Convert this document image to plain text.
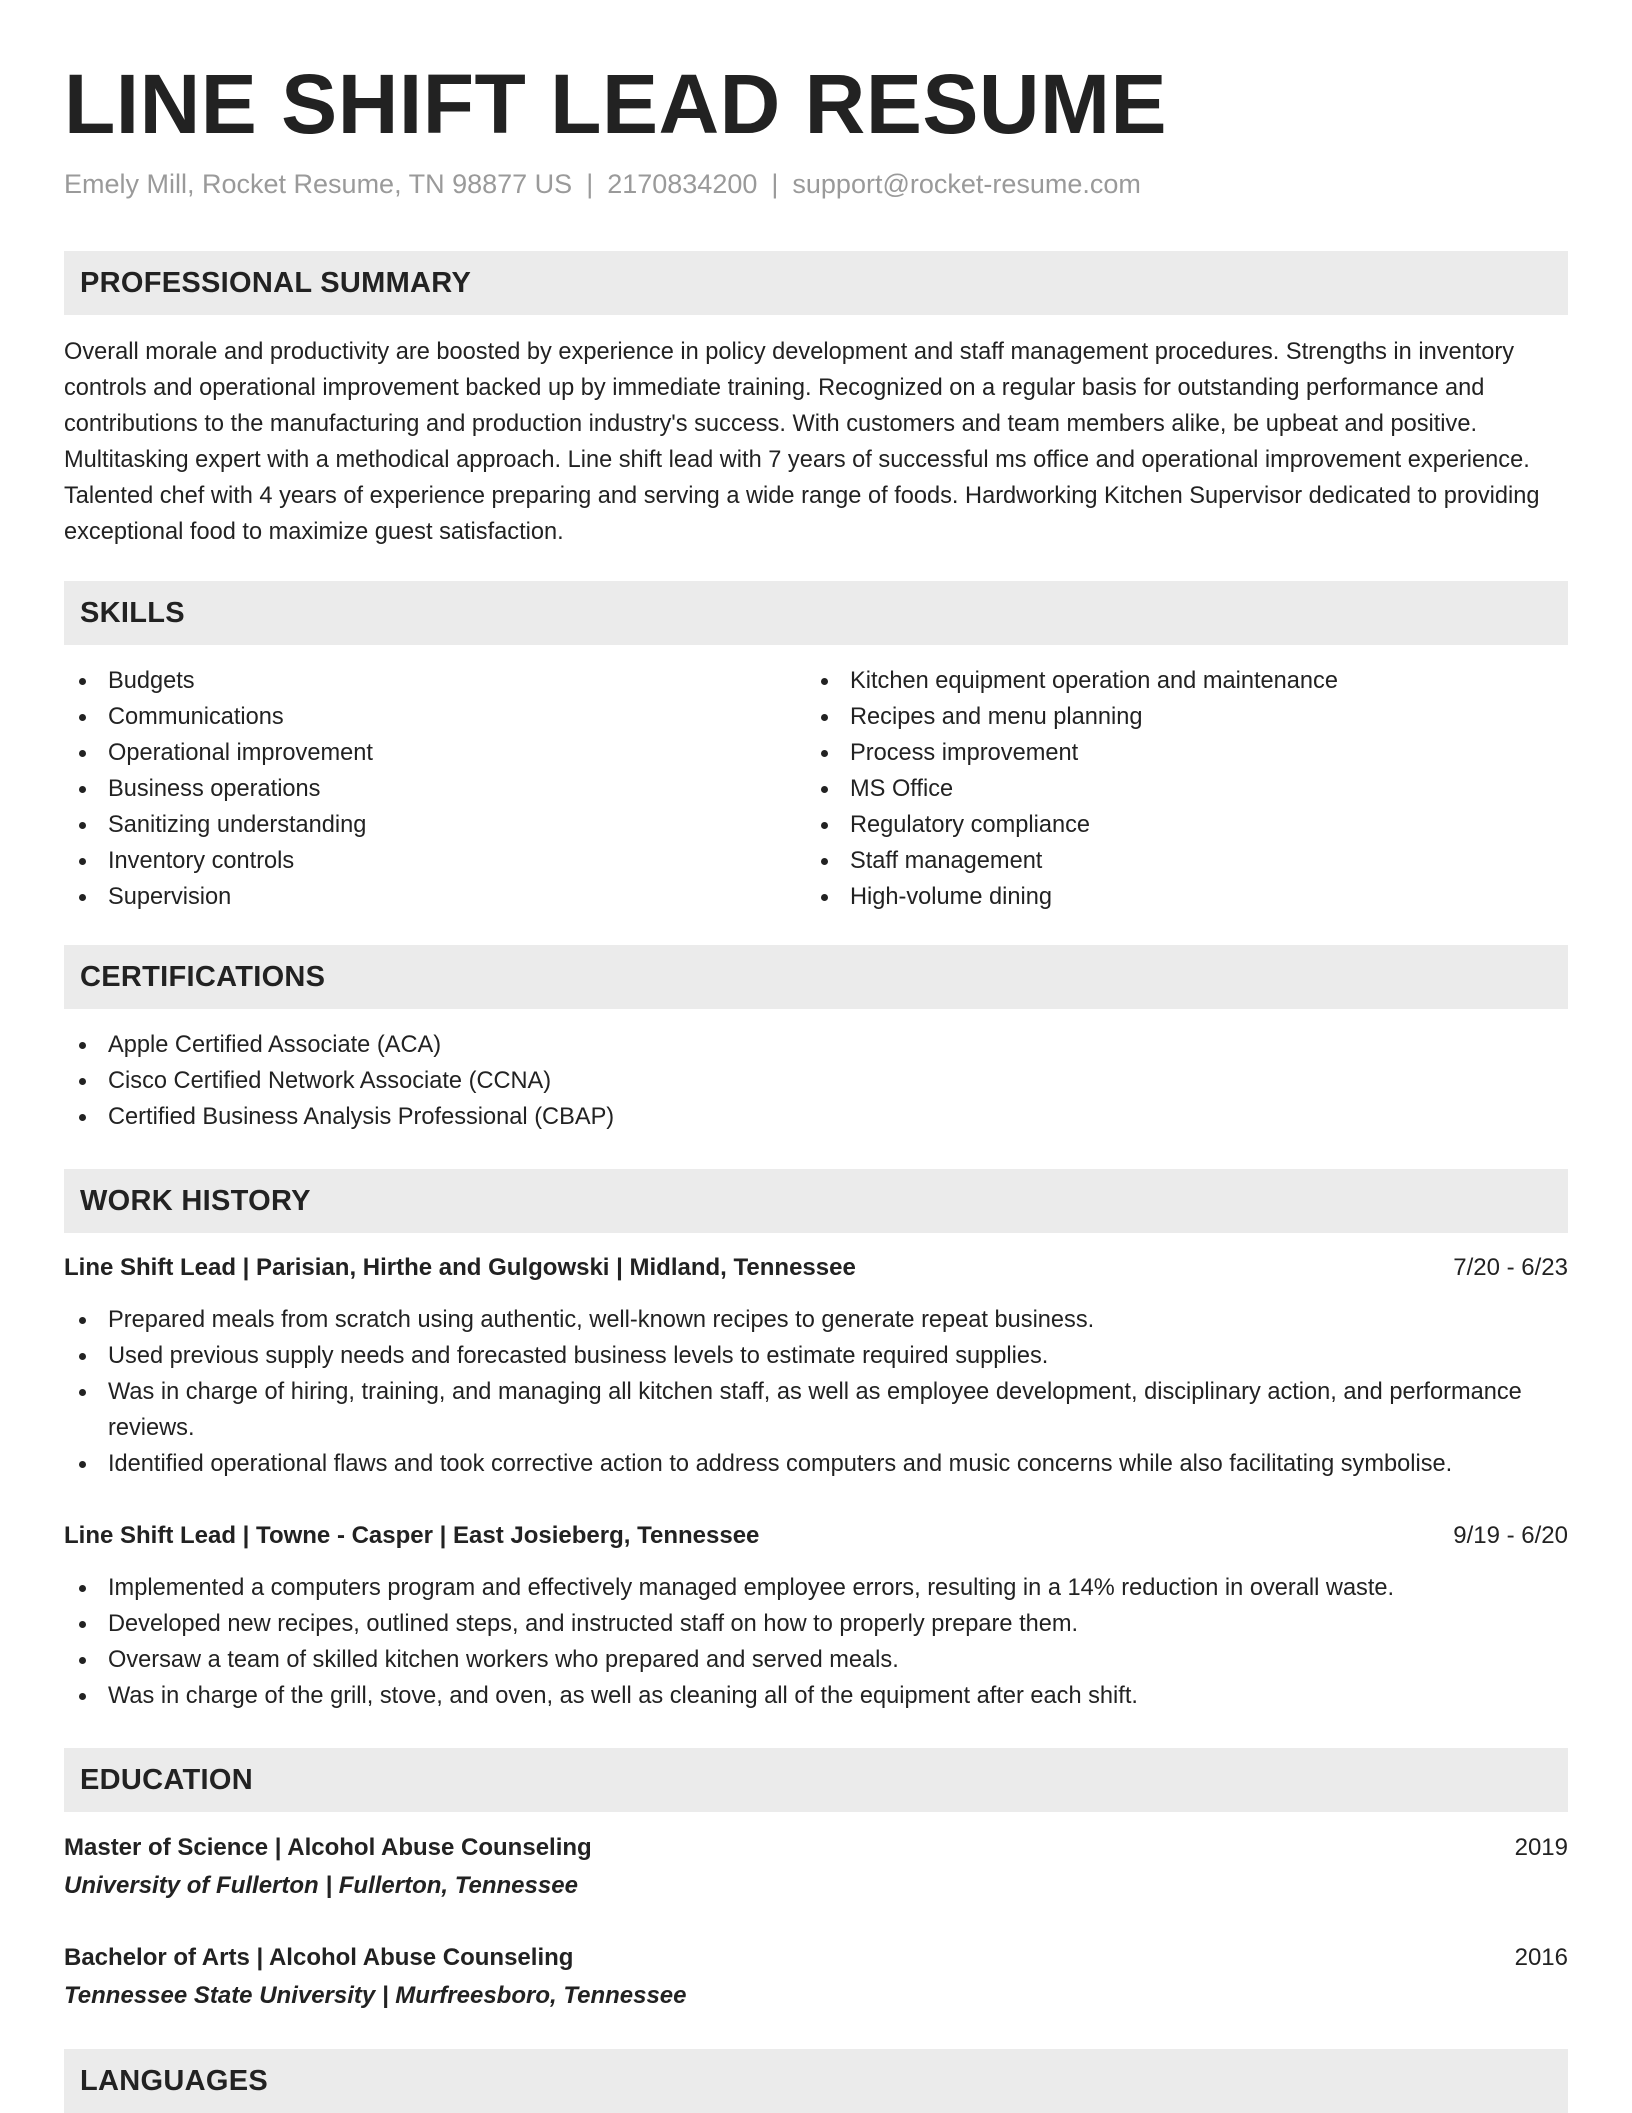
LINE SHIFT LEAD RESUME
Emely Mill, Rocket Resume, TN 98877 US | 2170834200 | support@rocket-resume.com
PROFESSIONAL SUMMARY

Overall morale and productivity are boosted by experience in policy development and staff management procedures. Strengths in inventory controls and operational improvement backed up by immediate training. Recognized on a regular basis for outstanding performance and contributions to the manufacturing and production industry's success. With customers and team members alike, be upbeat and positive. Multitasking expert with a methodical approach. Line shift lead with 7 years of successful ms office and operational improvement experience. Talented chef with 4 years of experience preparing and serving a wide range of foods. Hardworking Kitchen Supervisor dedicated to providing exceptional food to maximize guest satisfaction.

SKILLS
Budgets
Communications
Operational improvement
Business operations
Sanitizing understanding
Inventory controls
Supervision
Kitchen equipment operation and maintenance
Recipes and menu planning
Process improvement
MS Office
Regulatory compliance
Staff management
High-volume dining
CERTIFICATIONS
Apple Certified Associate (ACA)
Cisco Certified Network Associate (CCNA)
Certified Business Analysis Professional (CBAP)
WORK HISTORY
Line Shift Lead | Parisian, Hirthe and Gulgowski | Midland, Tennessee	7/20 - 6/23
Prepared meals from scratch using authentic, well-known recipes to generate repeat business.
Used previous supply needs and forecasted business levels to estimate required supplies.
Was in charge of hiring, training, and managing all kitchen staff, as well as employee development, disciplinary action, and performance reviews.
Identified operational flaws and took corrective action to address computers and music concerns while also facilitating symbolise.
Line Shift Lead | Towne - Casper | East Josieberg, Tennessee	9/19 - 6/20
Implemented a computers program and effectively managed employee errors, resulting in a 14% reduction in overall waste.
Developed new recipes, outlined steps, and instructed staff on how to properly prepare them.
Oversaw a team of skilled kitchen workers who prepared and served meals.
Was in charge of the grill, stove, and oven, as well as cleaning all of the equipment after each shift.
EDUCATION
Master of Science | Alcohol Abuse Counseling	2019
University of Fullerton | Fullerton, Tennessee
Bachelor of Arts | Alcohol Abuse Counseling	2016
Tennessee State University | Murfreesboro, Tennessee
LANGUAGES
